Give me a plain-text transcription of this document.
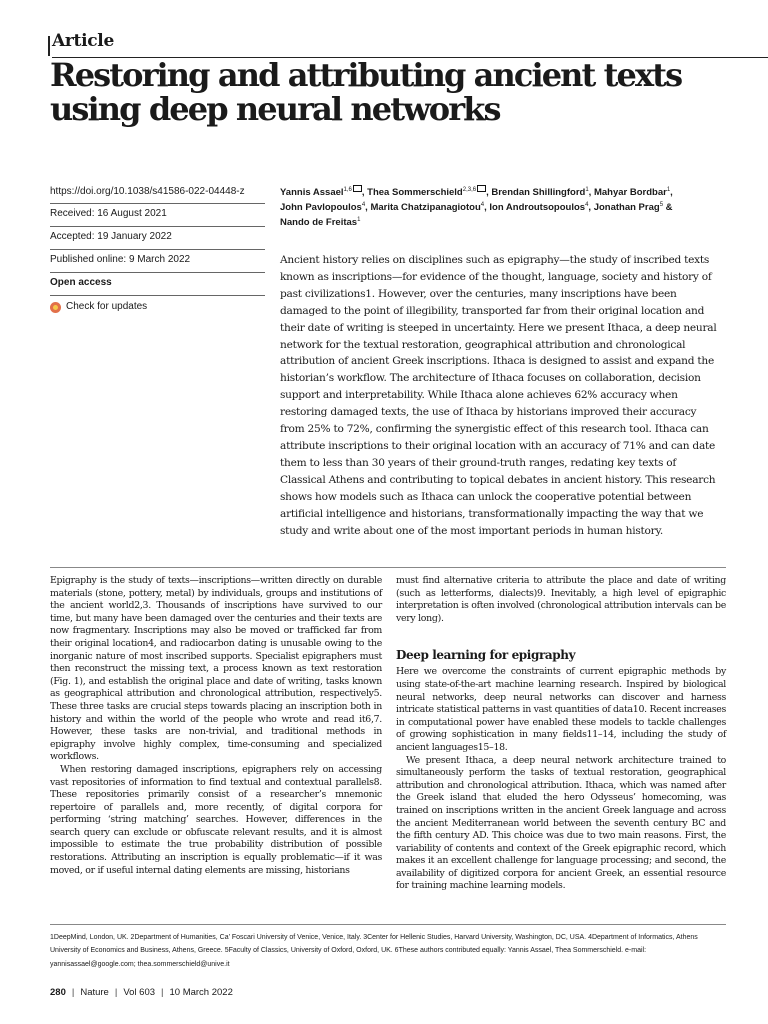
Article
Restoring and attributing ancient texts using deep neural networks
https://doi.org/10.1038/s41586-022-04448-z
Received: 16 August 2021
Accepted: 19 January 2022
Published online: 9 March 2022
Open access
Check for updates
Yannis Assael$^{1,6}$ , Thea Sommerschield$^{2,3,6}$ , Brendan Shillingford$^1$, Mahyar Bordbar$^1$,
John Pavlopoulos$^4$, Marita Chatzipanagiotou$^4$, Ion Androutsopoulos$^4$, Jonathan Prag$^5$ &
Nando de Freitas$^1$

Ancient history relies on disciplines such as epigraphy—the study of inscribed texts known as inscriptions—for evidence of the thought, language, society and history of past civilizations1. However, over the centuries, many inscriptions have been damaged to the point of illegibility, transported far from their original location and their date of writing is steeped in uncertainty. Here we present Ithaca, a deep neural network for the textual restoration, geographical attribution and chronological attribution of ancient Greek inscriptions. Ithaca is designed to assist and expand the historian’s workflow. The architecture of Ithaca focuses on collaboration, decision support and interpretability. While Ithaca alone achieves 62% accuracy when restoring damaged texts, the use of Ithaca by historians improved their accuracy from 25% to 72%, confirming the synergistic effect of this research tool. Ithaca can attribute inscriptions to their original location with an accuracy of 71% and can date them to less than 30 years of their ground-truth ranges, redating key texts of Classical Athens and contributing to topical debates in ancient history. This research shows how models such as Ithaca can unlock the cooperative potential between artificial intelligence and historians, transformationally impacting the way that we study and write about one of the most important periods in human history.

Epigraphy is the study of texts—inscriptions—written directly on durable materials (stone, pottery, metal) by individuals, groups and institutions of the ancient world2,3. Thousands of inscriptions have survived to our time, but many have been damaged over the centuries and their texts are now fragmentary. Inscriptions may also be moved or trafficked far from their original location4, and radiocarbon dating is unusable owing to the inorganic nature of most inscribed supports. Specialist epigraphers must then reconstruct the missing text, a process known as text restoration (Fig. 1), and establish the original place and date of writing, tasks known as geographical attribution and chronological attribution, respectively5. These three tasks are crucial steps towards placing an inscription both in history and within the world of the people who wrote and read it6,7. However, these tasks are non-trivial, and traditional methods in epigraphy involve highly complex, time-consuming and specialized workflows.

When restoring damaged inscriptions, epigraphers rely on accessing vast repositories of information to find textual and contextual parallels8. These repositories primarily consist of a researcher’s mnemonic repertoire of parallels and, more recently, of digital corpora for performing ‘string matching’ searches. However, differences in the search query can exclude or obfuscate relevant results, and it is almost impossible to estimate the true probability distribution of possible restorations. Attributing an inscription is equally problematic—if it was moved, or if useful internal dating elements are missing, historians

must find alternative criteria to attribute the place and date of writing (such as letterforms, dialects)9. Inevitably, a high level of epigraphic interpretation is often involved (chronological attribution intervals can be very long).

Deep learning for epigraphy

Here we overcome the constraints of current epigraphic methods by using state-of-the-art machine learning research. Inspired by biological neural networks, deep neural networks can discover and harness intricate statistical patterns in vast quantities of data10. Recent increases in computational power have enabled these models to tackle challenges of growing sophistication in many fields11–14, including the study of ancient languages15–18.

We present Ithaca, a deep neural network architecture trained to simultaneously perform the tasks of textual restoration, geographical attribution and chronological attribution. Ithaca, which was named after the Greek island that eluded the hero Odysseus’ homecoming, was trained on inscriptions written in the ancient Greek language and across the ancient Mediterranean world between the seventh century BC and the fifth century AD. This choice was due to two main reasons. First, the variability of contents and context of the Greek epigraphic record, which makes it an excellent challenge for language processing; and second, the availability of digitized corpora for ancient Greek, an essential resource for training machine learning models.

1DeepMind, London, UK. 2Department of Humanities, Ca’ Foscari University of Venice, Venice, Italy. 3Center for Hellenic Studies, Harvard University, Washington, DC, USA. 4Department of Informatics, Athens University of Economics and Business, Athens, Greece. 5Faculty of Classics, University of Oxford, Oxford, UK. 6These authors contributed equally: Yannis Assael, Thea Sommerschield. e-mail: yannisassael@google.com; thea.sommerschield@unive.it
280 | Nature | Vol 603 | 10 March 2022
